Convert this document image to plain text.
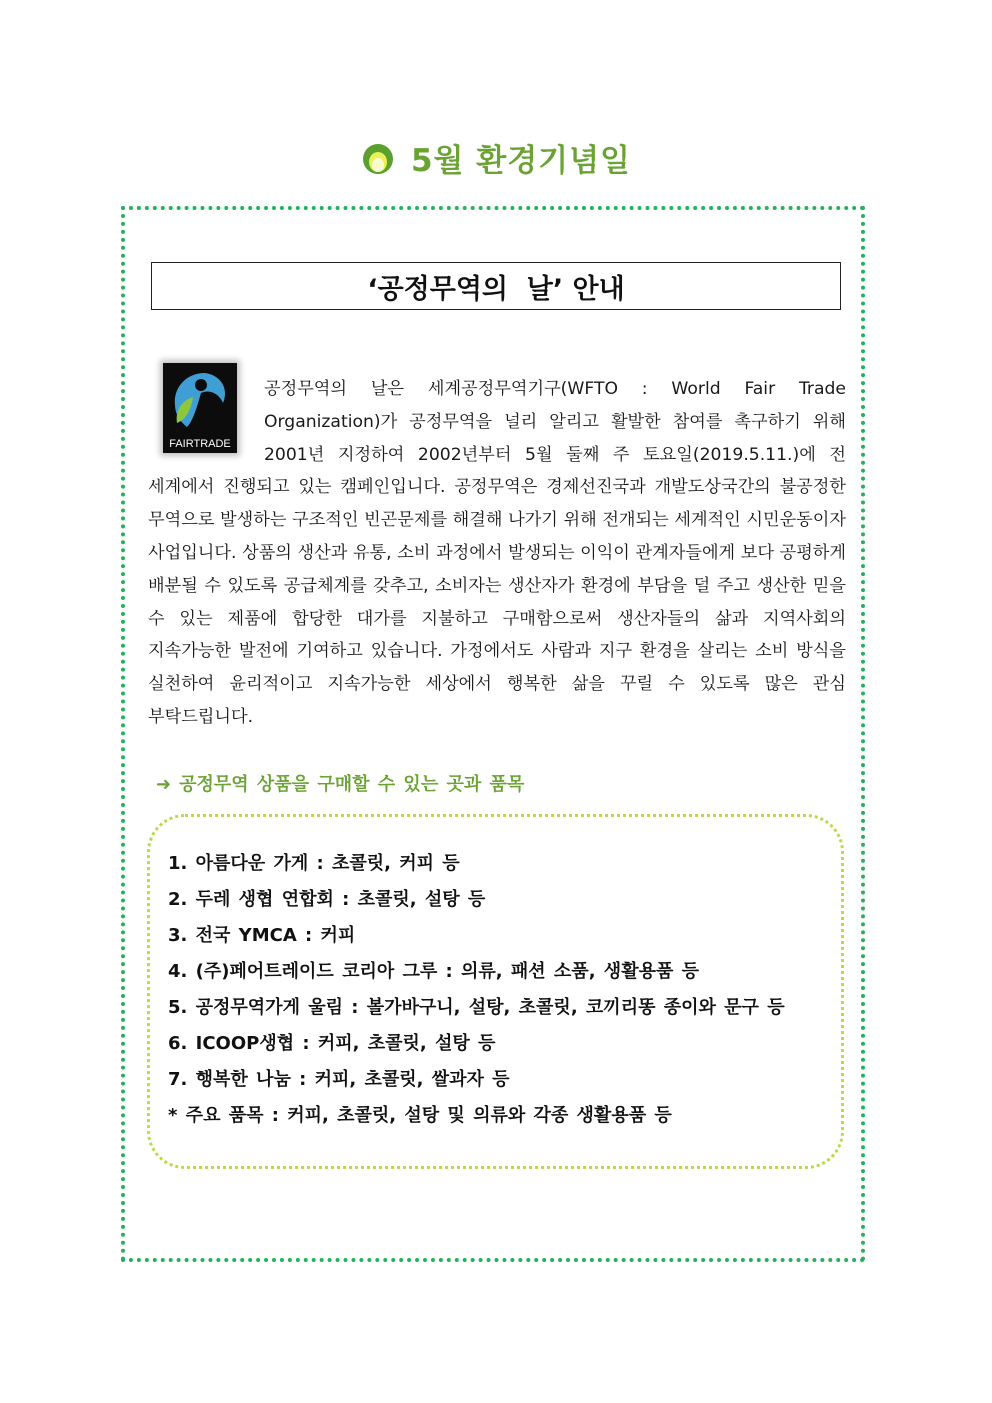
5월 환경기념일
‘공정무역의  날’ 안내
FAIRTRADE

공정무역의 날은 세계공정무역기구(WFTO : World Fair Trade Organization)가 공정무역을 널리 알리고 활발한 참여를 촉구하기 위해 2001년 지정하여 2002년부터 5월 둘째 주 토요일(2019.5.11.)에 전 세계에서 진행되고 있는 캠페인입니다. 공정무역은 경제선진국과 개발도상국간의 불공정한 무역으로 발생하는 구조적인 빈곤문제를 해결해 나가기 위해 전개되는 세계적인 시민운동이자 사업입니다. 상품의 생산과 유통, 소비 과정에서 발생되는 이익이 관계자들에게 보다 공평하게 배분될 수 있도록 공급체계를 갖추고, 소비자는 생산자가 환경에 부담을 덜 주고 생산한 믿을 수 있는 제품에 합당한 대가를 지불하고 구매함으로써 생산자들의 삶과 지역사회의 지속가능한 발전에 기여하고 있습니다. 가정에서도 사람과 지구 환경을 살리는 소비 방식을 실천하여 윤리적이고 지속가능한 세상에서 행복한 삶을 꾸릴 수 있도록 많은 관심 부탁드립니다.

➜ 공정무역 상품을 구매할 수 있는 곳과 품목
1. 아름다운 가게 : 초콜릿, 커피 등
2. 두레 생협 연합회 : 초콜릿, 설탕 등
3. 전국 YMCA : 커피
4. (주)페어트레이드 코리아 그루 : 의류, 패션 소품, 생활용품 등
5. 공정무역가게 울림 : 볼가바구니, 설탕, 초콜릿, 코끼리똥 종이와 문구 등
6. ICOOP생협 : 커피, 초콜릿, 설탕 등
7. 행복한 나눔 : 커피, 초콜릿, 쌀과자 등
* 주요 품목 : 커피, 초콜릿, 설탕 및 의류와 각종 생활용품 등
